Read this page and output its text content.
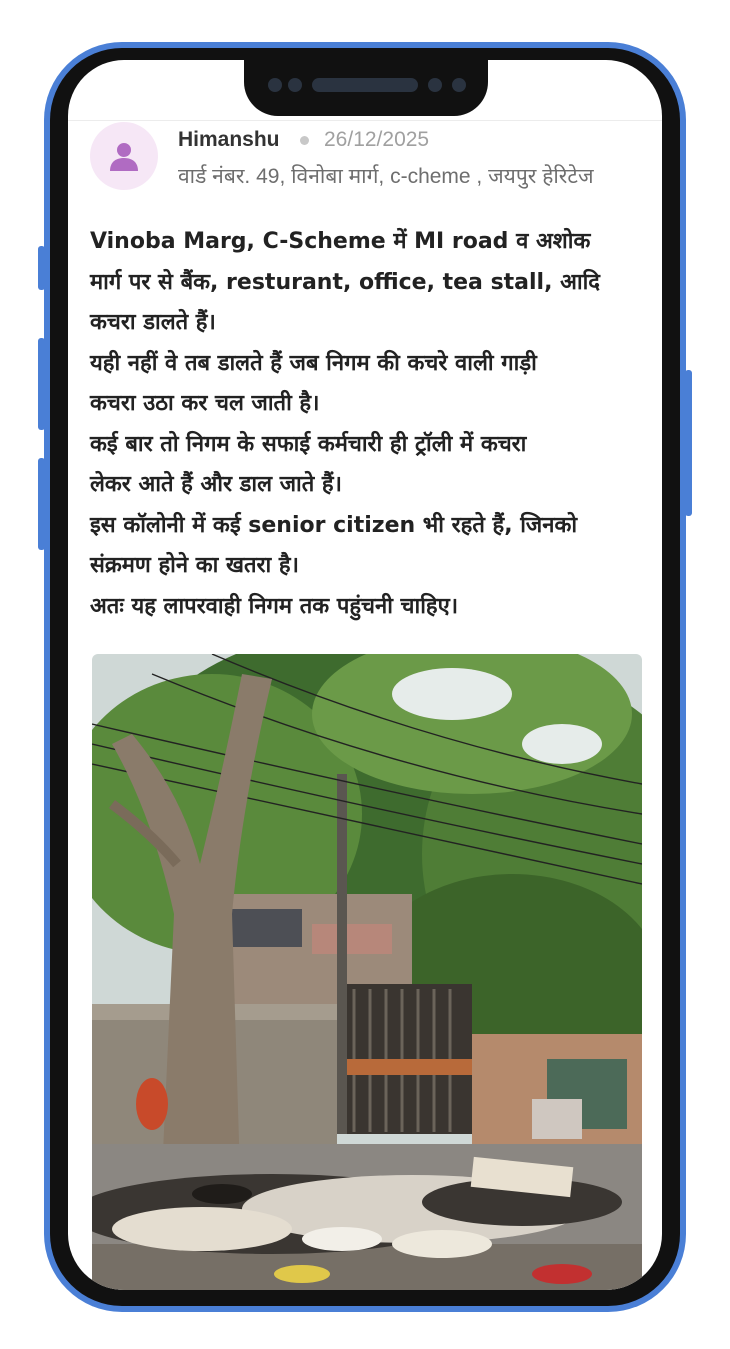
Himanshu 26/12/2025
वार्ड नंबर. 49, विनोबा मार्ग, c-cheme , जयपुर हेरिटेज
Vinoba Marg, C-Scheme में MI road व अशोक
मार्ग पर से बैंक, resturant, office, tea stall, आदि
कचरा डालते हैं।
यही नहीं वे तब डालते हैं जब निगम की कचरे वाली गाड़ी
कचरा उठा कर चल जाती है।
कई बार तो निगम के सफाई कर्मचारी ही ट्रॉली में कचरा
लेकर आते हैं और डाल जाते हैं।
इस कॉलोनी में कई senior citizen भी रहते हैं, जिनको
संक्रमण होने का खतरा है।
अतः यह लापरवाही निगम तक पहुंचनी चाहिए।
